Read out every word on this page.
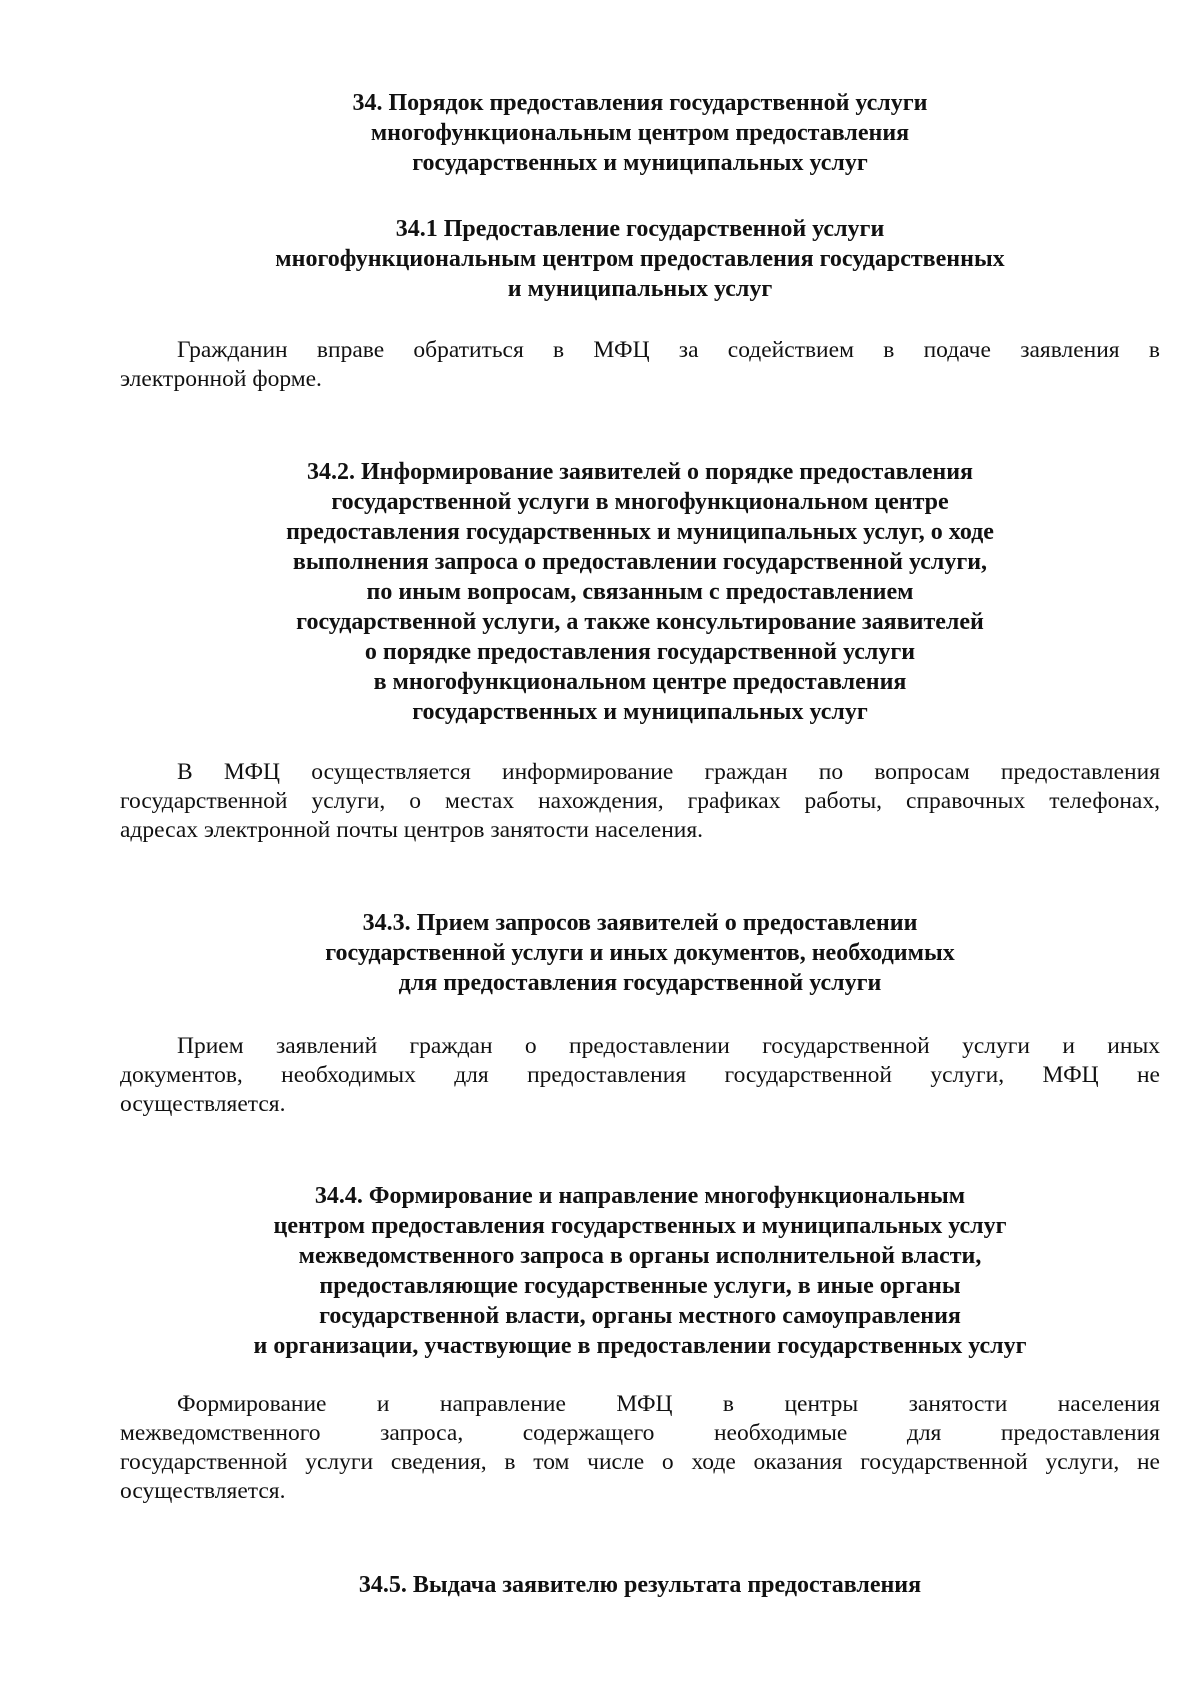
34. Порядок предоставления государственной услуги
многофункциональным центром предоставления
государственных и муниципальных услуг
34.1 Предоставление государственной услуги
многофункциональным центром предоставления государственных
и муниципальных услуг
Гражданин вправе обратиться в МФЦ за содействием в подаче заявления в
электронной форме.
34.2. Информирование заявителей о порядке предоставления
государственной услуги в многофункциональном центре
предоставления государственных и муниципальных услуг, о ходе
выполнения запроса о предоставлении государственной услуги,
по иным вопросам, связанным с предоставлением
государственной услуги, а также консультирование заявителей
о порядке предоставления государственной услуги
в многофункциональном центре предоставления
государственных и муниципальных услуг
В МФЦ осуществляется информирование граждан по вопросам предоставления
государственной услуги, о местах нахождения, графиках работы, справочных телефонах,
адресах электронной почты центров занятости населения.
34.3. Прием запросов заявителей о предоставлении
государственной услуги и иных документов, необходимых
для предоставления государственной услуги
Прием заявлений граждан о предоставлении государственной услуги и иных
документов, необходимых для предоставления государственной услуги, МФЦ не
осуществляется.
34.4. Формирование и направление многофункциональным
центром предоставления государственных и муниципальных услуг
межведомственного запроса в органы исполнительной власти,
предоставляющие государственные услуги, в иные органы
государственной власти, органы местного самоуправления
и организации, участвующие в предоставлении государственных услуг
Формирование и направление МФЦ в центры занятости населения
межведомственного запроса, содержащего необходимые для предоставления
государственной услуги сведения, в том числе о ходе оказания государственной услуги, не
осуществляется.
34.5. Выдача заявителю результата предоставления
